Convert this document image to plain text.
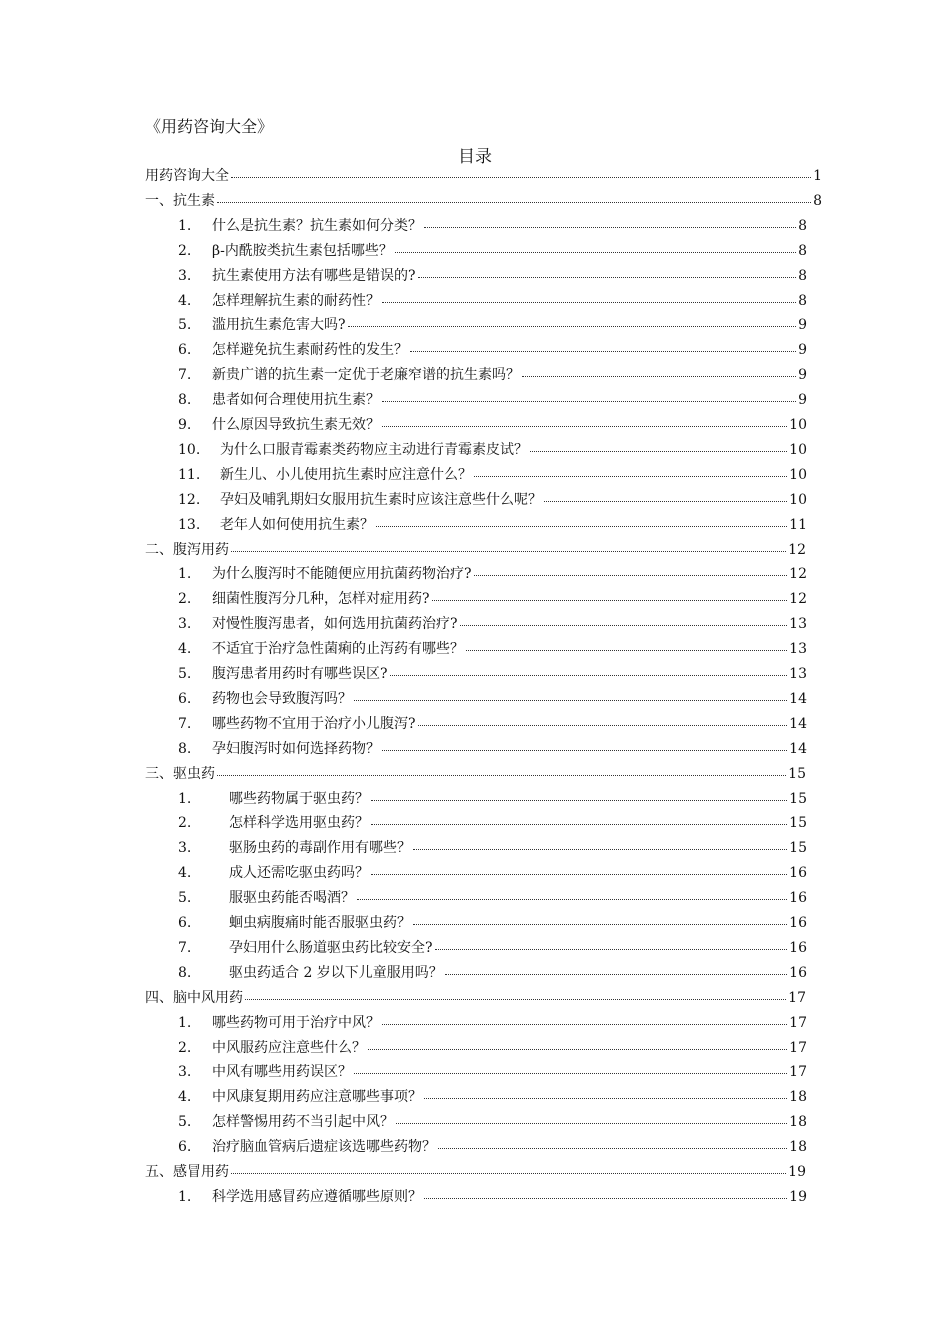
《用药咨询大全》
目录
用药咨询大全	1
一、抗生素	8
1.	什么是抗生素？抗生素如何分类？	8
2.	β-内酰胺类抗生素包括哪些？	8
3.	抗生素使用方法有哪些是错误的?	8
4.	怎样理解抗生素的耐药性？	8
5.	滥用抗生素危害大吗?	9
6.	怎样避免抗生素耐药性的发生？	9
7.	新贵广谱的抗生素一定优于老廉窄谱的抗生素吗？	9
8.	患者如何合理使用抗生素？	9
9.	什么原因导致抗生素无效？	10
10.	为什么口服青霉素类药物应主动进行青霉素皮试？	10
11.	新生儿、小儿使用抗生素时应注意什么？	10
12.	孕妇及哺乳期妇女服用抗生素时应该注意些什么呢？	10
13.	老年人如何使用抗生素？	11
二、腹泻用药	12
1.	为什么腹泻时不能随便应用抗菌药物治疗?	12
2.	细菌性腹泻分几种，怎样对症用药?	12
3.	对慢性腹泻患者，如何选用抗菌药治疗?	13
4.	不适宜于治疗急性菌痢的止泻药有哪些？	13
5.	腹泻患者用药时有哪些误区?	13
6.	药物也会导致腹泻吗？	14
7.	哪些药物不宜用于治疗小儿腹泻?	14
8.	孕妇腹泻时如何选择药物？	14
三、驱虫药	15
1.	哪些药物属于驱虫药？	15
2.	怎样科学选用驱虫药？	15
3.	驱肠虫药的毒副作用有哪些？	15
4.	成人还需吃驱虫药吗？	16
5.	服驱虫药能否喝酒？	16
6.	蛔虫病腹痛时能否服驱虫药？	16
7.	孕妇用什么肠道驱虫药比较安全?	16
8.	驱虫药适合 2 岁以下儿童服用吗？	16
四、脑中风用药	17
1.	哪些药物可用于治疗中风？	17
2.	中风服药应注意些什么？	17
3.	中风有哪些用药误区？	17
4.	中风康复期用药应注意哪些事项？	18
5.	怎样警惕用药不当引起中风？	18
6.	治疗脑血管病后遗症该选哪些药物？	18
五、感冒用药	19
1.	科学选用感冒药应遵循哪些原则？	19
